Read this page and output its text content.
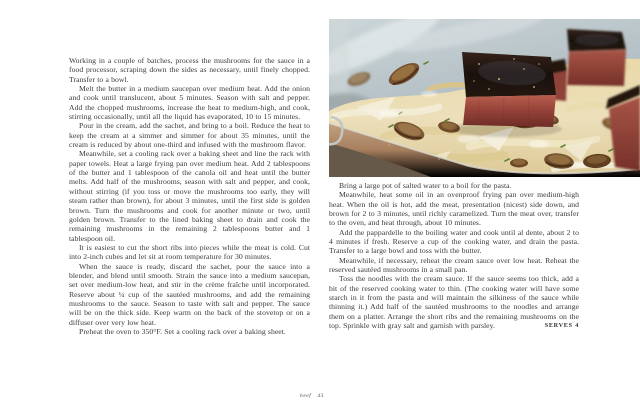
Working in a couple of batches, process the mushrooms for the sauce in a food processor, scraping down the sides as necessary, until finely chopped. Transfer to a bowl.

Melt the butter in a medium saucepan over medium heat. Add the onion and cook until translucent, about 5 minutes. Season with salt and pepper. Add the chopped mushrooms, increase the heat to medium-high, and cook, stirring occasionally, until all the liquid has evaporated, 10 to 15 minutes.

Pour in the cream, add the sachet, and bring to a boil. Reduce the heat to keep the cream at a simmer and simmer for about 35 minutes, until the cream is reduced by about one-third and infused with the mushroom flavor.

Meanwhile, set a cooling rack over a baking sheet and line the rack with paper towels. Heat a large frying pan over medium heat. Add 2 tablespoons of the butter and 1 tablespoon of the canola oil and heat until the butter melts. Add half of the mushrooms, season with salt and pepper, and cook, without stirring (if you toss or move the mushrooms too early, they will steam rather than brown), for about 3 minutes, until the first side is golden brown. Turn the mushrooms and cook for another minute or two, until golden brown. Transfer to the lined baking sheet to drain and cook the remaining mushrooms in the remaining 2 tablespoons butter and 1 tablespoon oil.

It is easiest to cut the short ribs into pieces while the meat is cold. Cut into 2-inch cubes and let sit at room temperature for 30 minutes.

When the sauce is ready, discard the sachet, pour the sauce into a blender, and blend until smooth. Strain the sauce into a medium saucepan, set over medium-low heat, and stir in the crème fraîche until incorporated. Reserve about ¼ cup of the sautéed mushrooms, and add the remaining mushrooms to the sauce. Season to taste with salt and pepper. The sauce will be on the thick side. Keep warm on the back of the stovetop or on a diffuser over very low heat.

Preheat the oven to 350°F. Set a cooling rack over a baking sheet.

Bring a large pot of salted water to a boil for the pasta.

Meanwhile, heat some oil in an ovenproof frying pan over medium-high heat. When the oil is hot, add the meat, presentation (nicest) side down, and brown for 2 to 3 minutes, until richly caramelized. Turn the meat over, transfer to the oven, and heat through, about 10 minutes.

Add the pappardelle to the boiling water and cook until al dente, about 2 to 4 minutes if fresh. Reserve a cup of the cooking water, and drain the pasta. Transfer to a large bowl and toss with the butter.

Meanwhile, if necessary, reheat the cream sauce over low heat. Reheat the reserved sautéed mushrooms in a small pan.

Toss the noodles with the cream sauce. If the sauce seems too thick, add a bit of the reserved cooking water to thin. (The cooking water will have some starch in it from the pasta and will maintain the silkiness of the sauce while thinning it.) Add half of the sautéed mushrooms to the noodles and arrange them on a platter. Arrange the short ribs and the remaining mushrooms on the top. Sprinkle with gray salt and garnish with parsley.	SERVES 4

beef 43
